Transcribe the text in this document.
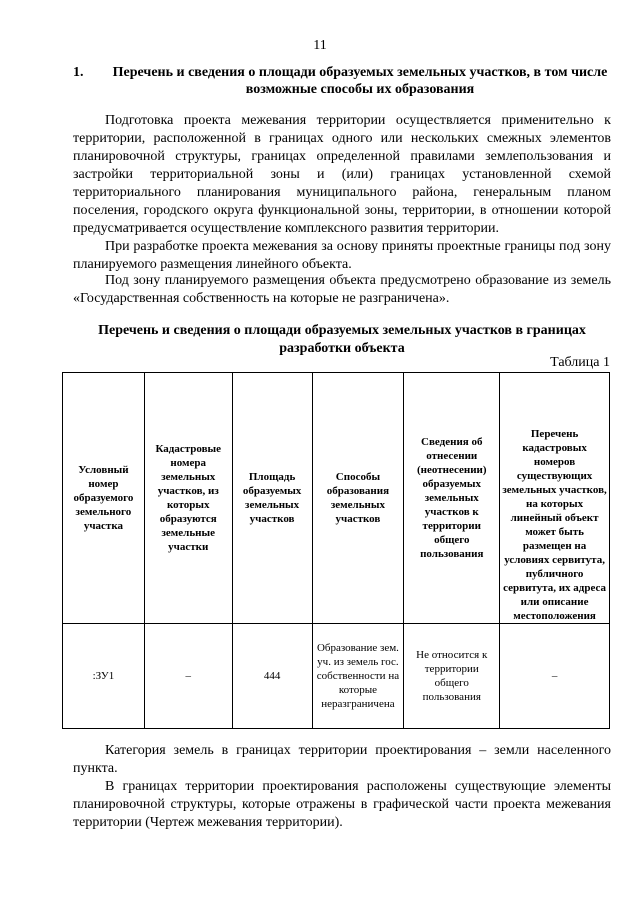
11
1.	Перечень и сведения о площади образуемых земельных участков, в том числе возможные способы их образования

Подготовка проекта межевания территории осуществляется применительно к территории, расположенной в границах одного или нескольких смежных элементов планировочной структуры, границах определенной правилами землепользования и застройки территориальной зоны и (или) границах установленной схемой территориального планирования муниципального района, генеральным планом поселения, городского округа функциональной зоны, территории, в отношении которой предусматривается осуществление комплексного развития территории.

При разработке проекта межевания за основу приняты проектные границы под зону планируемого размещения линейного объекта.

Под зону планируемого размещения объекта предусмотрено образование из земель «Государственная собственность на которые не разграничена».

Перечень и сведения о площади образуемых земельных участков в границах разработки объекта
Таблица 1
Условный номер образуемого земельного участка	Кадастровые номера земельных участков, из которых образуются земельные участки	Площадь образуемых земельных участков	Способы образования земельных участков	Сведения об отнесении (неотнесении) образуемых земельных участков к территории общего пользования	Перечень кадастровых номеров существующих земельных участков, на которых линейный объект может быть размещен на условиях сервитута, публичного сервитута, их адреса или описание местоположения
:ЗУ1	–	444	Образование зем. уч. из земель гос. собственности на которые неразграничена	Не относится к территории общего пользования	–

Категория земель в границах территории проектирования – земли населенного пункта.

В границах территории проектирования расположены существующие элементы планировочной структуры, которые отражены в графической части проекта межевания территории (Чертеж межевания территории).
